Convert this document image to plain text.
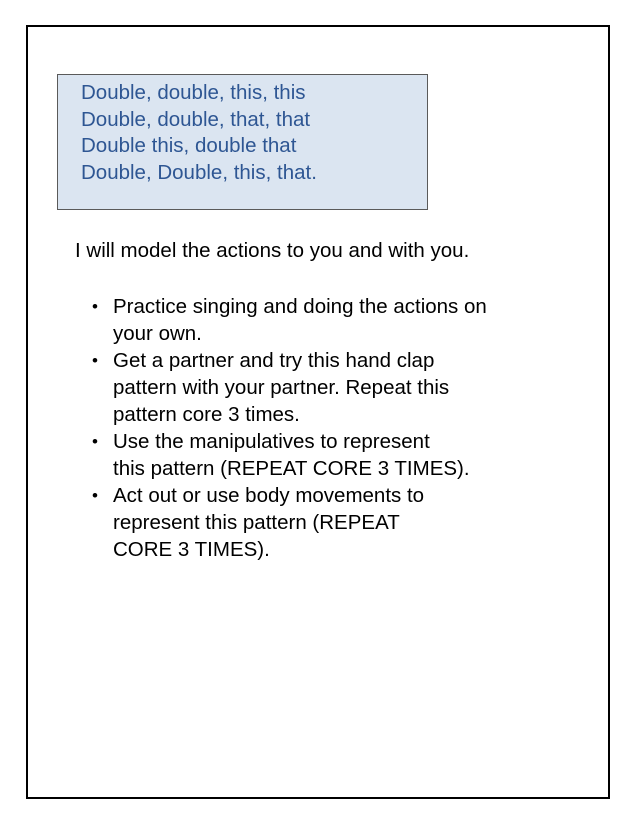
Double, double, this, this
Double, double, that, that
Double this, double that
Double, Double, this, that.
I will model the actions to you and with you.
• Practice singing and doing the actions on
your own.
• Get a partner and try this hand clap
pattern with your partner. Repeat this
pattern core 3 times.
• Use the manipulatives to represent
this pattern (REPEAT CORE 3 TIMES).
• Act out or use body movements to
represent this pattern (REPEAT
CORE 3 TIMES).
